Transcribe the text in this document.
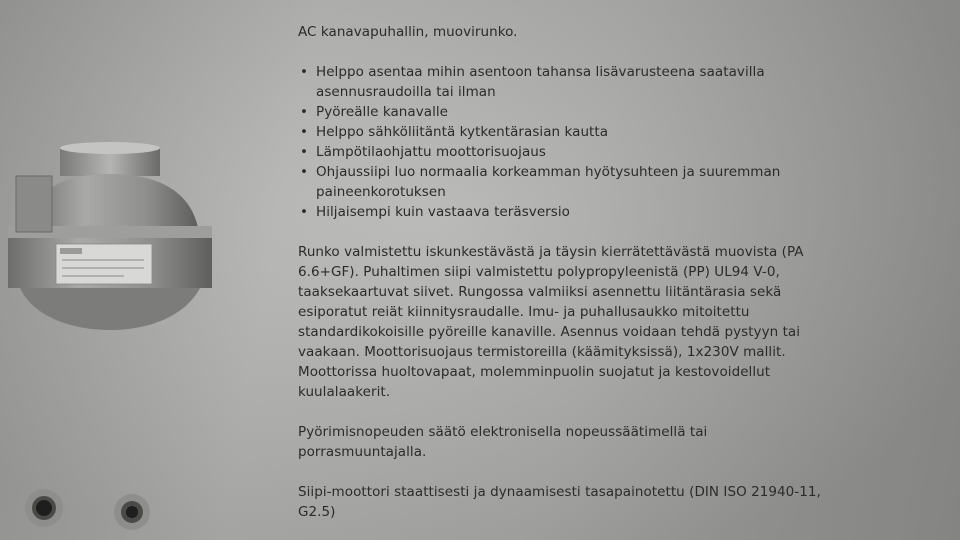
AC kanavapuhallin, muovirunko.

• Helppo asentaa mihin asentoon tahansa lisävarusteena saatavilla
asennusraudoilla tai ilman
• Pyöreälle kanavalle
• Helppo sähköliitäntä kytkentärasian kautta
• Lämpötilaohjattu moottorisuojaus
• Ohjaussiipi luo normaalia korkeamman hyötysuhteen ja suuremman
paineenkorotuksen
• Hiljaisempi kuin vastaava teräsversio

Runko valmistettu iskunkestävästä ja täysin kierrätettävästä muovista (PA
6.6+GF). Puhaltimen siipi valmistettu polypropyleenistä (PP) UL94 V-0,
taaksekaartuvat siivet. Rungossa valmiiksi asennettu liitäntärasia sekä
esiporatut reiät kiinnitysraudalle. Imu- ja puhallusaukko mitoitettu
standardikokoisille pyöreille kanaville. Asennus voidaan tehdä pystyyn tai
vaakaan. Moottorisuojaus termistoreilla (käämityksissä), 1x230V mallit.
Moottorissa huoltovapaat, molemminpuolin suojatut ja kestovoidellut
kuulalaakerit.

Pyörimisnopeuden säätö elektronisella nopeussäätimellä tai
porrasmuuntajalla.

Siipi-moottori staattisesti ja dynaamisesti tasapainotettu (DIN ISO 21940-11,
G2.5)
